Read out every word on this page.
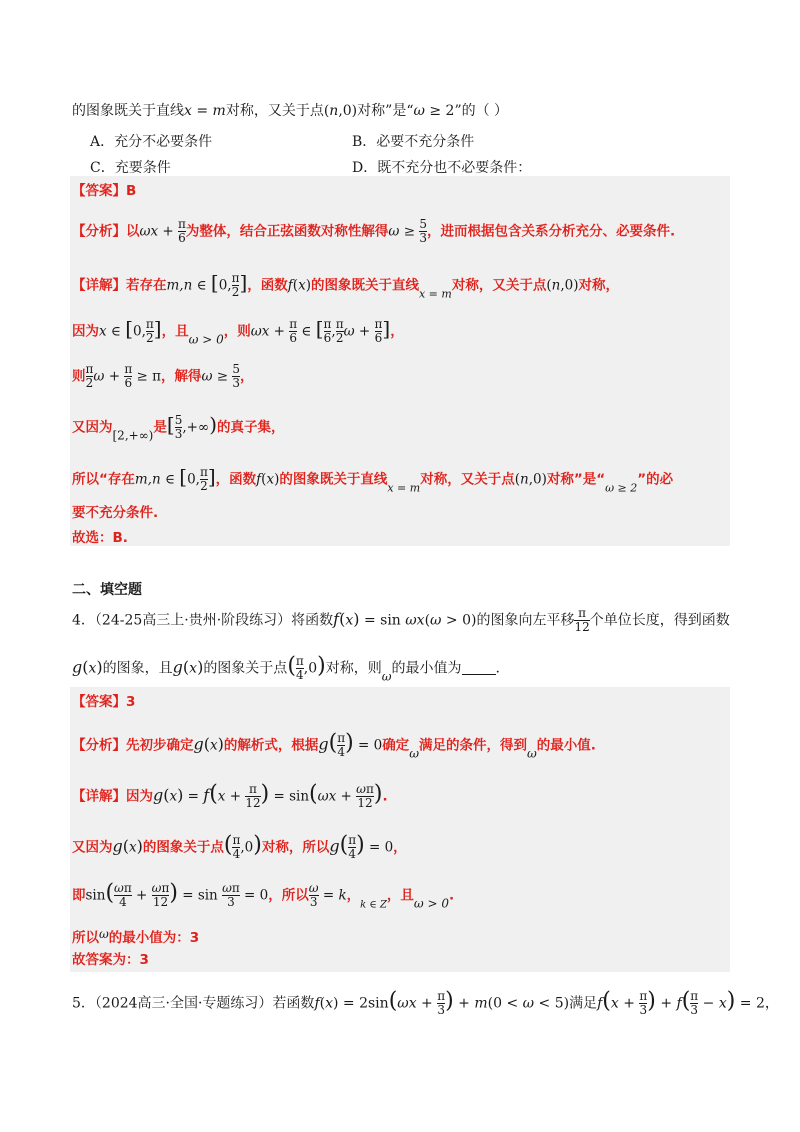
的图象既关于直线x = m对称，又关于点(n,0)对称”是“ω ≥ 2”的（ ）
A．充分不必要条件	B．必要不充分条件
C．充要条件	D．既不充分也不必要条件：
【答案】B
【分析】以$\omega x + \frac{\pi}{6}$ 为整体，结合正弦函数对称性解得$\omega \ge \frac{5}{3}$ ，进而根据包含关系分析充分、必要条件.
【详解】若存在m,n ∈ [0, $\frac{\pi}{2}$ ]，函数f(x)的图象既关于直线$_{x = m}$对称，又关于点(n,0)对称，
因为x ∈ [0, $\frac{\pi}{2}$ ]，且ω > 0，则$\omega x + \frac{\pi}{6}$ ∈ [ $\frac{\pi}{6}$ , $\frac{\pi}{2}$ $\omega + \frac{\pi}{6}$ ]，
则 $\frac{\pi}{2}$ $\omega + \frac{\pi}{6} \ge \pi$，解得$\omega \ge \frac{5}{3}$ ，
又因为[2,+∞)是[ $\frac{5}{3}$ ,+∞)的真子集，
所以“存在m,n ∈ [0, $\frac{\pi}{2}$ ]，函数f(x)的图象既关于直线$_{x = m}$对称，又关于点(n,0)对称”是“$_{\omega \ge 2}$”的必
要不充分条件.
故选：B.
二、填空题
4．（24-25高三上·贵州·阶段练习）将函数f(x) = sin ωx(ω > 0)的图象向左平移 $\frac{\pi}{12}$ 个单位长度，得到函数
g(x)的图象，且g(x)的图象关于点( $\frac{\pi}{4} ,0$)对称，则ω的最小值为 .
【答案】3
【分析】先初步确定g(x)的解析式，根据$g( \frac{\pi}{4}$ ) = 0确定ω满足的条件，得到ω的最小值.
【详解】因为$g(x) = f(x + \frac{\pi}{12}$ ) = $\sin(\omega x + \frac{\omega\pi}{12}$ ).
又因为g(x)的图象关于点( $\frac{\pi}{4} ,0$)对称，所以$g( \frac{\pi}{4}$ ) = 0，
即$\sin( \frac{\omega\pi}{4} + \frac{\omega\pi}{12}$ ) = $\sin \frac{\omega\pi}{3} = 0$，所以 $\frac{\omega}{3} = k$，$_{k \in Z}$，且ω > 0.
所以ω的最小值为：3
故答案为：3
5．（2024高三·全国·专题练习）若函数$f(x) = 2\sin(\omega x + \frac{\pi}{3}$ ) + m(0 < ω < 5)满足$f(x + \frac{\pi}{3}$ ) + $f( \frac{\pi}{3} - x) = 2$，
